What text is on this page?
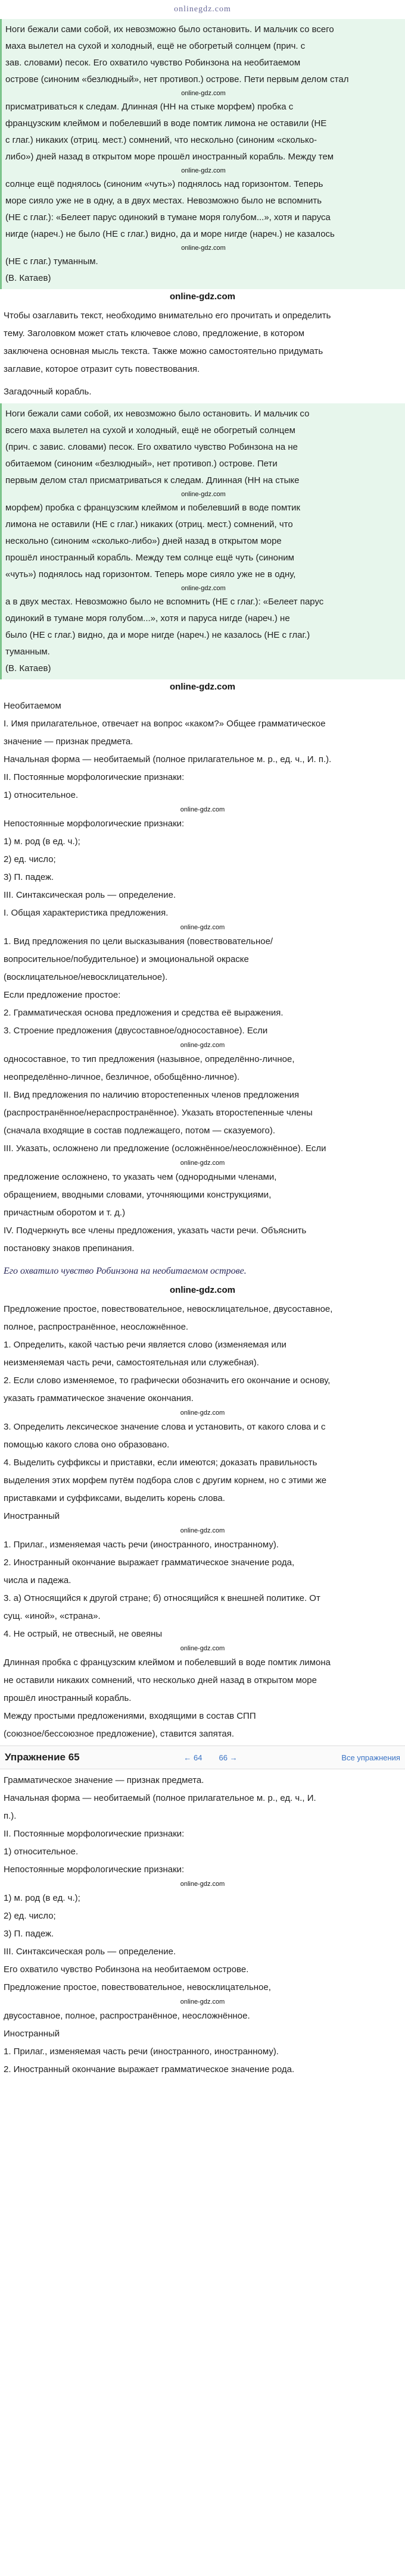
onlinegdz.com

Ноги бежали сами собой, их невозможно было остановить. И мальчик со всего

маха вылетел на сухой и холодный, ещё не обогретый солнцем (прич. с

зав. словами) песок. Его охватило чувство Робинзона на необитаемом

острове (синоним «безлюдный», нет противоп.) острове. Пети первым делом стал

online-gdz.com

присматриваться к следам. Длинная (НН на стыке морфем) пробка с

французским клеймом и побелевший в воде помтик лимона не оставили (НЕ

с глаг.) никаких (отриц. мест.) сомнений, что нескольно (синоним «сколько-

либо») дней назад в открытом море прошёл иностранный корабль. Между тем

online-gdz.com

солнце ещё поднялось (синоним «чуть») поднялось над горизонтом. Теперь

море сияло уже не в одну, а в двух местах. Невозможно было не вспомнить

(НЕ с глаг.): «Белеет парус одинокий в тумане моря голубом...», хотя и парусa

нигде (нареч.) не было (НЕ с глаг.) видно, да и море нигде (нареч.) не казалось

online-gdz.com

(НЕ с глаг.) туманным.

(В. Катаев)

online-gdz.com

Чтобы озаглавить текст, необходимо внимательно его прочитать и определить

тему. Заголовком может стать ключевое слово, предложение, в котором

заключена основная мысль текста. Также можно самостоятельно придумать

заглавие, которое отразит суть повествования.

Загадочный корабль.

Ноги бежали сами собой, их невозможно было остановить. И мальчик со

всего маха вылетел на сухой и холодный, ещё не обогретый солнцем

(прич. с завис. словами) песок. Его охватило чувство Робинзона на не

обитаемом (синоним «безлюдный», нет противоп.) острове. Пети

первым делом стал присматриваться к следам. Длинная (НН на стыке

online-gdz.com

морфем) пробка с французским клеймом и побелевший в воде помтик

лимона не оставили (НЕ с глаг.) никаких (отриц. мест.) сомнений, что

нескольно (синоним «сколько-либо») дней назад в открытом море

прошёл иностранный корабль. Между тем солнце ещё чуть (синоним

«чуть») поднялось над горизонтом. Теперь море сияло уже не в одну,

online-gdz.com

а в двух местах. Невозможно было не вспомнить (НЕ с глаг.): «Белеет парус

одинокий в тумане моря голубом...», хотя и паруса нигде (нареч.) не

было (НЕ с глаг.) видно, да и море нигде (нареч.) не казалось (НЕ с глаг.)

туманным.

(В. Катаев)

online-gdz.com

Необитаемом

I. Имя прилагательное, отвечает на вопрос «каком?» Общее грамматическое

значение — признак предмета.

Начальная форма — необитаемый (полное прилагательное м. р., ед. ч., И. п.).

II. Постоянные морфологические признаки:

1) относительное.

online-gdz.com

Непостоянные морфологические признаки:

1) м. род (в ед. ч.);

2) ед. число;

3) П. падеж.

III. Синтаксическая роль — определение.

I. Общая характеристика предложения.

online-gdz.com

1. Вид предложения по цели высказывания (повествовательное/

вопросительное/побудительное) и эмоциональной окраске

(восклицательное/невосклицательное).

Если предложение простое:

2. Грамматическая основа предложения и средства её выражения.

3. Строение предложения (двусоставное/односоставное). Если

online-gdz.com

односоставное, то тип предложения (назывное, определённо-личное,

неопределённо-личное, безличное, обобщённо-личное).

II. Вид предложения по наличию второстепенных членов предложения

(распространённое/нераспространённое). Указать второстепенные члены

(сначала входящие в состав подлежащего, потом — сказуемого).

III. Указать, осложнено ли предложение (осложнённое/неосложнённое). Если

online-gdz.com

предложение осложнено, то указать чем (однородными членами,

обращением, вводными словами, уточняющими конструкциями,

причастным оборотом и т. д.)

IV. Подчеркнуть все члены предложения, указать части речи. Объяснить

постановку знаков препинания.

Его охватило чувство Робинзона на необитаемом острове.

online-gdz.com

Предложение простое, повествовательное, невосклицательное, двусоставное,

полное, распространённое, неосложнённое.

1. Определить, какой частью речи является слово (изменяемая или

неизменяемая часть речи, самостоятельная или служебная).

2. Если слово изменяемое, то графически обозначить его окончание и основу,

указать грамматическое значение окончания.

online-gdz.com

3. Определить лексическое значение слова и установить, от какого слова и с

помощью какого слова оно образовано.

4. Выделить суффиксы и приставки, если имеются; доказать правильность

выделения этих морфем путём подбора слов с другим корнем, но с этими же

приставками и суффиксами, выделить корень слова.

Иностранный

online-gdz.com

1. Прилаг., изменяемая часть речи (иностранного, иностранному).

2. Иностранный окончание выражает грамматическое значение рода,

числа и падежа.

3. а) Относящийся к другой стране; б) относящийся к внешней политике. От

сущ. «иной», «страна».

4. Не острый, не отвесный, не овеяны

online-gdz.com

Длинная пробка с французским клеймом и побелевший в воде помтик лимона

не оставили никаких сомнений, что несколько дней назад в открытом море

прошёл иностранный корабль.

Между простыми предложениями, входящими в состав СПП

(союзное/бессоюзное предложение), ставится запятая.

Упражнение 65	← 64	66 →	Все упражнения

Грамматическое значение — признак предмета.

Начальная форма — необитаемый (полное прилагательное м. р., ед. ч., И.

п.).

II. Постоянные морфологические признаки:

1) относительное.

Непостоянные морфологические признаки:

online-gdz.com

1) м. род (в ед. ч.);

2) ед. число;

3) П. падеж.

III. Синтаксическая роль — определение.

Его охватило чувство Робинзона на необитаемом острове.

Предложение простое, повествовательное, невосклицательное,

online-gdz.com

двусоставное, полное, распространённое, неосложнённое.

Иностранный

1. Прилаг., изменяемая часть речи (иностранного, иностранному).

2. Иностранный окончание выражает грамматическое значение рода.
